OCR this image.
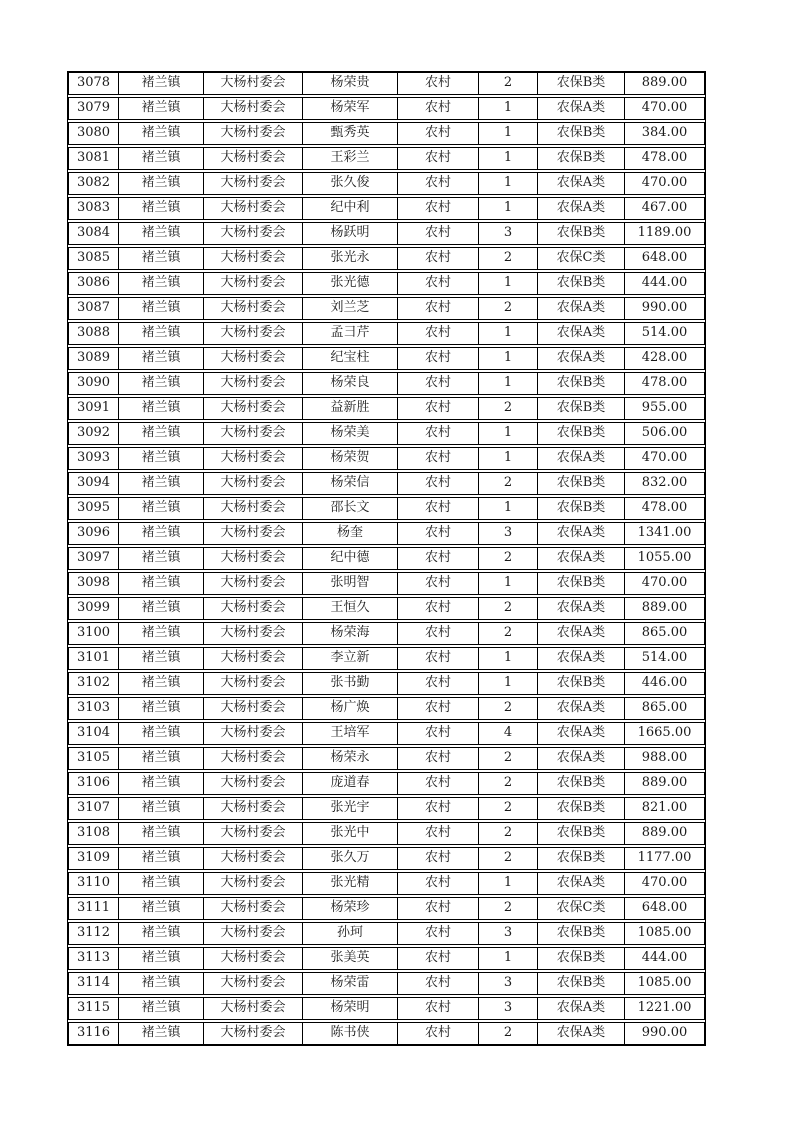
3078	褚兰镇	大杨村委会	杨荣贵	农村	2	农保B类	889.00
3079	褚兰镇	大杨村委会	杨荣军	农村	1	农保A类	470.00
3080	褚兰镇	大杨村委会	甄秀英	农村	1	农保B类	384.00
3081	褚兰镇	大杨村委会	王彩兰	农村	1	农保B类	478.00
3082	褚兰镇	大杨村委会	张久俊	农村	1	农保A类	470.00
3083	褚兰镇	大杨村委会	纪中利	农村	1	农保A类	467.00
3084	褚兰镇	大杨村委会	杨跃明	农村	3	农保B类	1189.00
3085	褚兰镇	大杨村委会	张光永	农村	2	农保C类	648.00
3086	褚兰镇	大杨村委会	张光德	农村	1	农保B类	444.00
3087	褚兰镇	大杨村委会	刘兰芝	农村	2	农保A类	990.00
3088	褚兰镇	大杨村委会	孟彐芹	农村	1	农保A类	514.00
3089	褚兰镇	大杨村委会	纪宝柱	农村	1	农保A类	428.00
3090	褚兰镇	大杨村委会	杨荣良	农村	1	农保B类	478.00
3091	褚兰镇	大杨村委会	益新胜	农村	2	农保B类	955.00
3092	褚兰镇	大杨村委会	杨荣美	农村	1	农保B类	506.00
3093	褚兰镇	大杨村委会	杨荣贺	农村	1	农保A类	470.00
3094	褚兰镇	大杨村委会	杨荣信	农村	2	农保B类	832.00
3095	褚兰镇	大杨村委会	邵长文	农村	1	农保B类	478.00
3096	褚兰镇	大杨村委会	杨奎	农村	3	农保A类	1341.00
3097	褚兰镇	大杨村委会	纪中德	农村	2	农保A类	1055.00
3098	褚兰镇	大杨村委会	张明智	农村	1	农保B类	470.00
3099	褚兰镇	大杨村委会	王恒久	农村	2	农保A类	889.00
3100	褚兰镇	大杨村委会	杨荣海	农村	2	农保A类	865.00
3101	褚兰镇	大杨村委会	李立新	农村	1	农保A类	514.00
3102	褚兰镇	大杨村委会	张书勤	农村	1	农保B类	446.00
3103	褚兰镇	大杨村委会	杨广焕	农村	2	农保A类	865.00
3104	褚兰镇	大杨村委会	王培军	农村	4	农保A类	1665.00
3105	褚兰镇	大杨村委会	杨荣永	农村	2	农保A类	988.00
3106	褚兰镇	大杨村委会	庞道春	农村	2	农保B类	889.00
3107	褚兰镇	大杨村委会	张光宇	农村	2	农保B类	821.00
3108	褚兰镇	大杨村委会	张光中	农村	2	农保B类	889.00
3109	褚兰镇	大杨村委会	张久万	农村	2	农保B类	1177.00
3110	褚兰镇	大杨村委会	张光精	农村	1	农保A类	470.00
3111	褚兰镇	大杨村委会	杨荣珍	农村	2	农保C类	648.00
3112	褚兰镇	大杨村委会	孙珂	农村	3	农保B类	1085.00
3113	褚兰镇	大杨村委会	张美英	农村	1	农保B类	444.00
3114	褚兰镇	大杨村委会	杨荣雷	农村	3	农保B类	1085.00
3115	褚兰镇	大杨村委会	杨荣明	农村	3	农保A类	1221.00
3116	褚兰镇	大杨村委会	陈书侠	农村	2	农保A类	990.00
